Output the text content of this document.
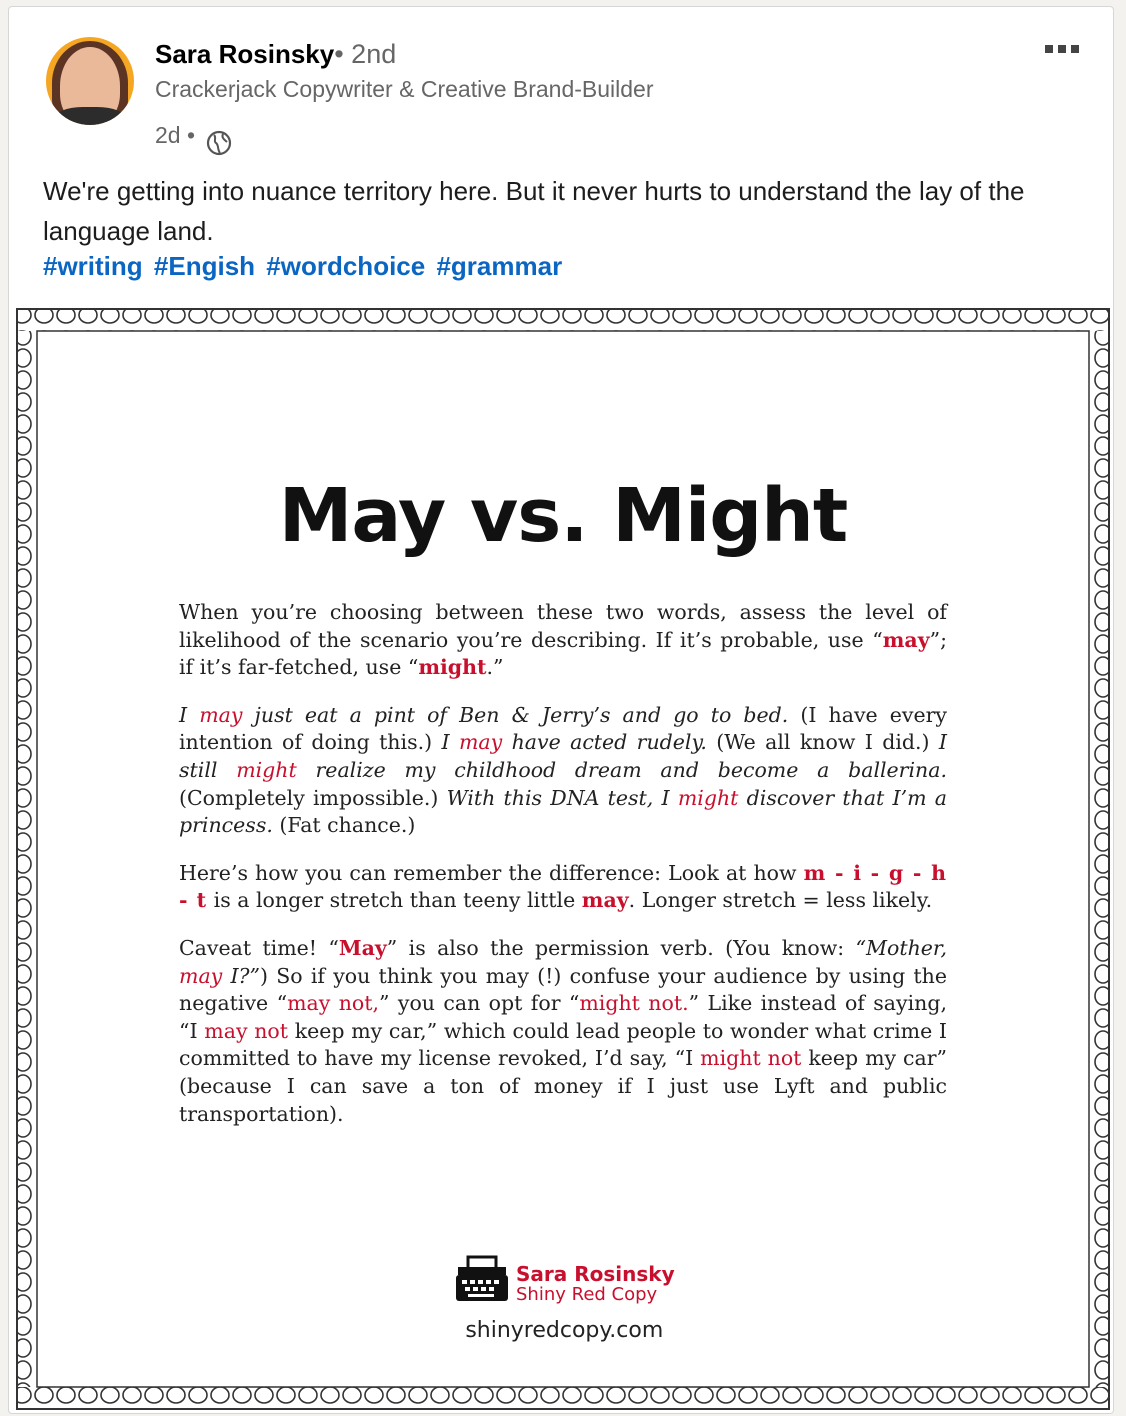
Sara Rosinsky• 2nd
Crackerjack Copywriter & Creative Brand-Builder
2d •
We're getting into nuance territory here. But it never hurts to understand the lay of the language land.
#writing #Engish #wordchoice #grammar
May vs. Might

When you’re choosing between these two words, assess the level of likelihood of the scenario you’re describing. If it’s probable, use “may”; if it’s far-fetched, use “might.”

I may just eat a pint of Ben & Jerry’s and go to bed. (I have every intention of doing this.) I may have acted rudely. (We all know I did.) I still might realize my childhood dream and become a ballerina. (Completely impossible.) With this DNA test, I might discover that I’m a princess. (Fat chance.)

Here’s how you can remember the difference: Look at how m - i - g - h - t is a longer stretch than teeny little may. Longer stretch = less likely.

Caveat time! “May” is also the permission verb. (You know: “Mother, may I?”) So if you think you may (!) confuse your audience by using the negative “may not,” you can opt for “might not.” Like instead of saying, “I may not keep my car,” which could lead people to wonder what crime I committed to have my license revoked, I’d say, “I might not keep my car” (because I can save a ton of money if I just use Lyft and public transportation).

Sara Rosinsky
Shiny Red Copy
shinyredcopy.com
